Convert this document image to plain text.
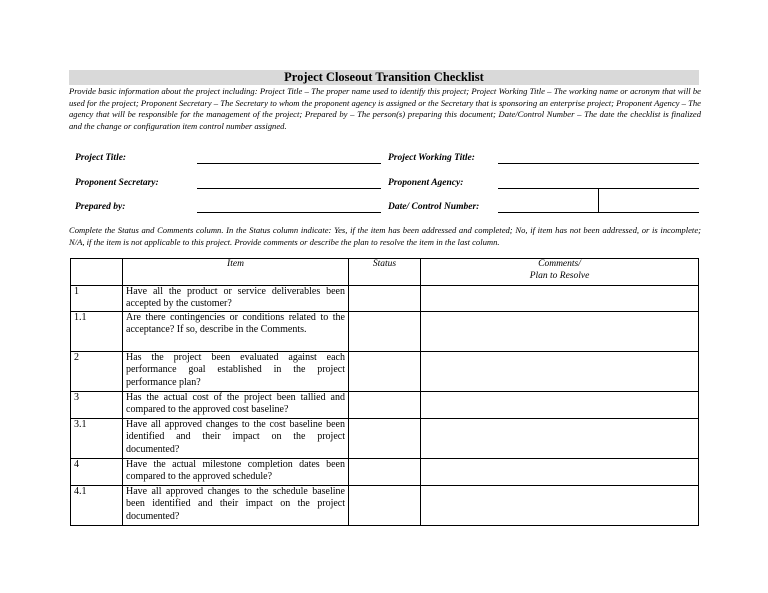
Project Closeout Transition Checklist
Provide basic information about the project including: Project Title – The proper name used to identify this project; Project Working Title – The working name or acronym that will be used for the project; Proponent Secretary – The Secretary to whom the proponent agency is assigned or the Secretary that is sponsoring an enterprise project; Proponent Agency – The agency that will be responsible for the management of the project; Prepared by – The person(s) preparing this document; Date/Control Number – The date the checklist is finalized and the change or configuration item control number assigned.
Project Title:	Project Working Title:
Proponent Secretary:	Proponent Agency:
Prepared by:	Date/ Control Number:
Complete the Status and Comments column. In the Status column indicate: Yes, if the item has been addressed and completed; No, if item has not been addressed, or is incomplete; N/A, if the item is not applicable to this project. Provide comments or describe the plan to resolve the item in the last column.
	Item	Status	Comments/
Plan to Resolve
1	Have all the product or service deliverables been accepted by the customer?		
1.1	Are there contingencies or conditions related to the acceptance? If so, describe in the Comments.		
2	Has the project been evaluated against each performance goal established in the project performance plan?		
3	Has the actual cost of the project been tallied and compared to the approved cost baseline?		
3.1	Have all approved changes to the cost baseline been identified and their impact on the project documented?		
4	Have the actual milestone completion dates been compared to the approved schedule?		
4.1	Have all approved changes to the schedule baseline been identified and their impact on the project documented?		
